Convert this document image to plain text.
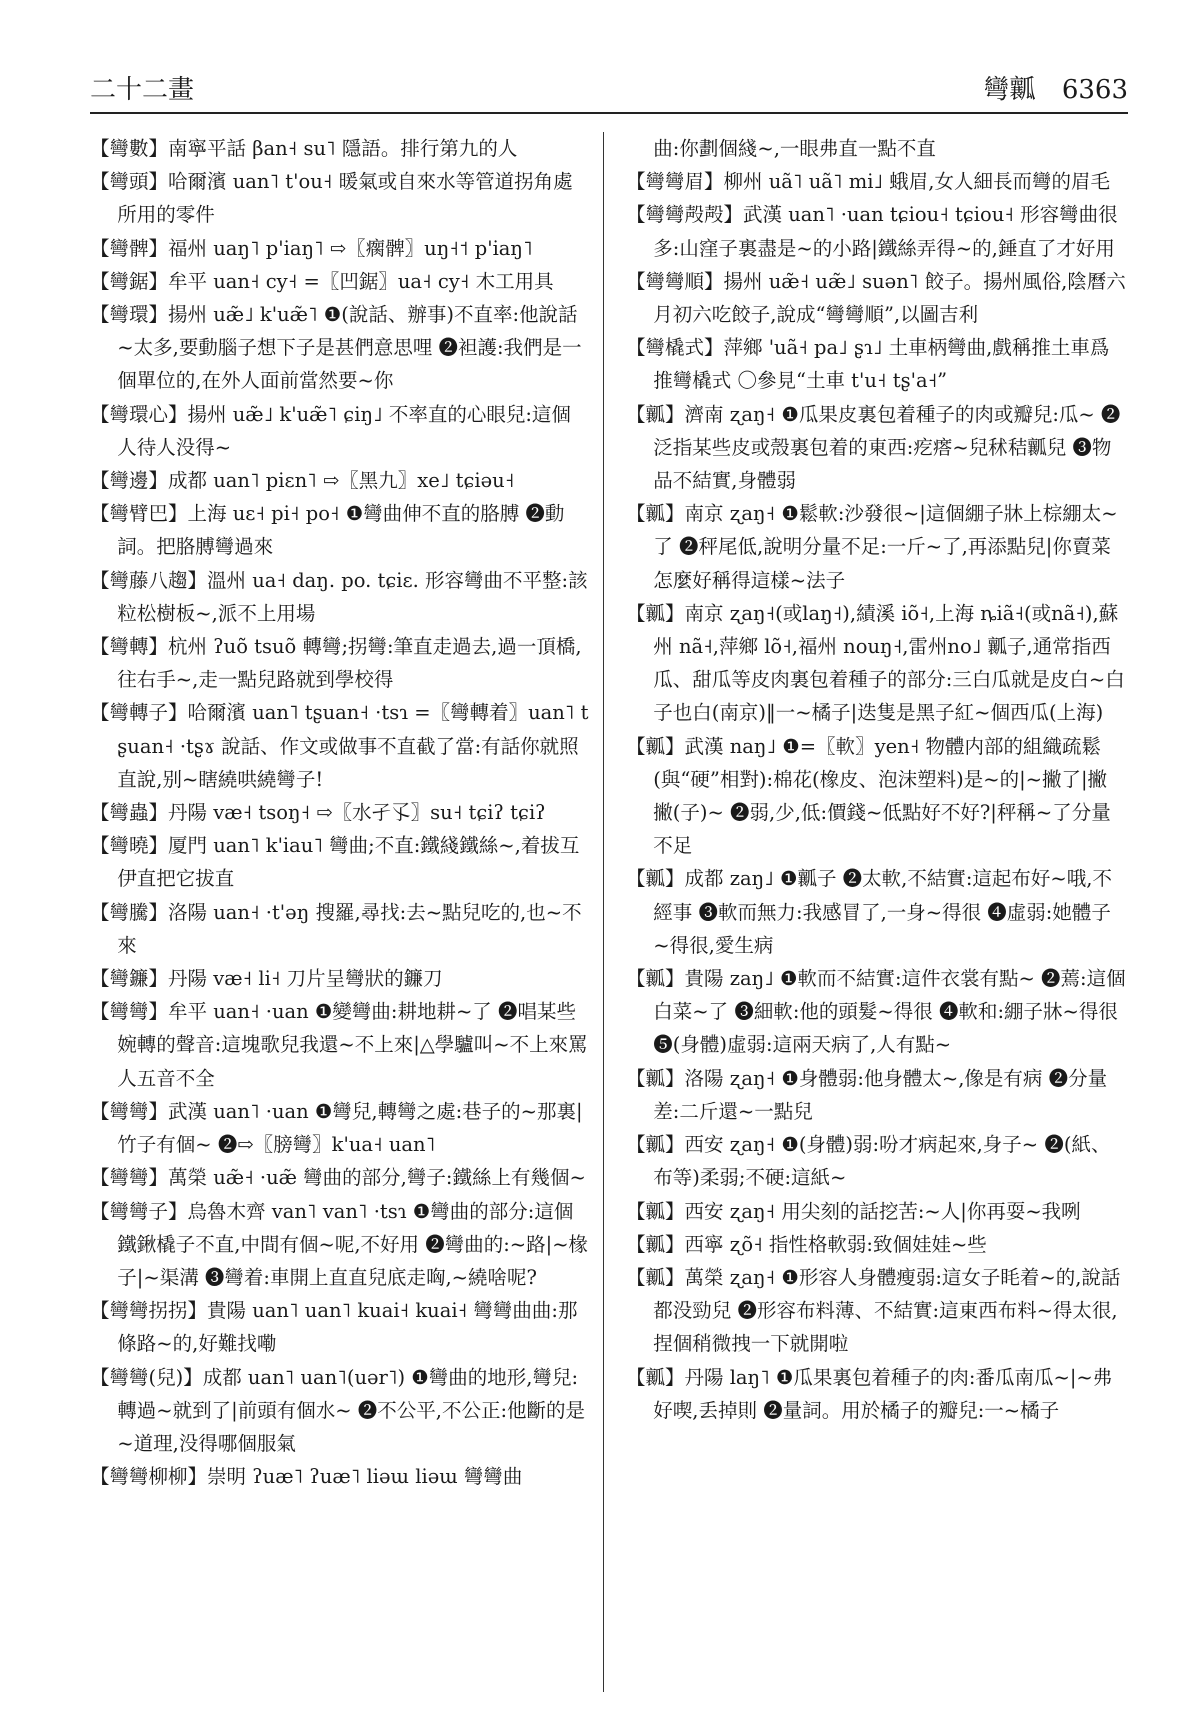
二十二畫	彎瓤 6363

【彎數】南寧平話 βan˧ su˥ 隱語。排行第九的人

【彎頭】哈爾濱 uan˥ t'ou˧ 暖氣或自來水等管道拐角處所用的零件

【彎髀】福州 uaŋ˥ p'iaŋ˥ ⇨〖瘸髀〗uŋ˧˦ p'iaŋ˥

【彎鋸】牟平 uan˧ cy˧ =〖凹鋸〗ua˧ cy˧ 木工用具

【彎環】揚州 uæ̃˩ k'uæ̃˥ ❶(說話、辦事)不直率:他說話~太多,要動腦子想下子是甚們意思哩 ❷袒護:我們是一個單位的,在外人面前當然要~你

【彎環心】揚州 uæ̃˩ k'uæ̃˥ ɕiŋ˩ 不率直的心眼兒:這個人待人没得~

【彎邊】成都 uan˥ piɛn˥ ⇨〖黑九〗xe˩ tɕiəu˧

【彎臂巴】上海 uɛ˧ pi˧ po˧ ❶彎曲伸不直的胳膊 ❷動詞。把胳膊彎過來

【彎藤八趨】溫州 ua˧ daŋ. po. tɕiɛ. 形容彎曲不平整:該粒松樹板~,派不上用場

【彎轉】杭州 ʔuõ tsuõ 轉彎;拐彎:筆直走過去,過一頂橋,往右手~,走一點兒路就到學校得

【彎轉子】哈爾濱 uan˥ tʂuan˧ ·tsɿ =〖彎轉着〗uan˥ tʂuan˧ ·tʂɤ 說話、作文或做事不直截了當:有話你就照直說,别~瞎繞哄繞彎子!

【彎蟲】丹陽 væ˧ tsoŋ˧ ⇨〖水孑孓〗su˧ tɕiʔ tɕiʔ

【彎曉】厦門 uan˥ k'iau˥ 彎曲;不直:鐵綫鐵絲~,着拔互伊直把它拔直

【彎騰】洛陽 uan˧ ·t'əŋ 搜羅,尋找:去~點兒吃的,也~不來

【彎鐮】丹陽 væ˧ li˧ 刀片呈彎狀的鐮刀

【彎彎】牟平 uan˧ ·uan ❶變彎曲:耕地耕~了 ❷唱某些婉轉的聲音:這塊歌兒我還~不上來|△學驢叫~不上來罵人五音不全

【彎彎】武漢 uan˥ ·uan ❶彎兒,轉彎之處:巷子的~那裏|竹子有個~ ❷⇨〖膀彎〗k'ua˧ uan˥

【彎彎】萬榮 uæ̃˧ ·uæ̃ 彎曲的部分,彎子:鐵絲上有幾個~

【彎彎子】烏魯木齊 van˥ van˥ ·tsɿ ❶彎曲的部分:這個鐵鍬橇子不直,中間有個~呢,不好用 ❷彎曲的:~路|~椽子|~渠溝 ❸彎着:車開上直直兒底走哅,~繞啥呢?

【彎彎拐拐】貴陽 uan˥ uan˥ kuai˧ kuai˧ 彎彎曲曲:那條路~的,好難找嘞

【彎彎(兒)】成都 uan˥ uan˥(uər˥) ❶彎曲的地形,彎兒:轉過~就到了|前頭有個水~ ❷不公平,不公正:他斷的是~道理,没得哪個服氣

【彎彎柳柳】崇明 ʔuæ˥ ʔuæ˥ liəɯ liəɯ 彎彎曲

曲:你劃個綫~,一眼弗直一點不直

【彎彎眉】柳州 uã˥ uã˥ mi˩ 蛾眉,女人細長而彎的眉毛

【彎彎殸殸】武漢 uan˥ ·uan tɕiou˧ tɕiou˧ 形容彎曲很多:山窪子裏盡是~的小路|鐵絲弄得~的,錘直了才好用

【彎彎順】揚州 uæ̃˧ uæ̃˩ suən˥ 餃子。揚州風俗,陰曆六月初六吃餃子,說成“彎彎順”,以圖吉利

【彎橇式】萍鄉 'uã˧ pa˩ ʂɿ˩ 土車柄彎曲,戲稱推土車爲推彎橇式 〇參見“土車 t'u˧ tʂ'a˧”

【瓤】濟南 ʐaŋ˧ ❶瓜果皮裏包着種子的肉或瓣兒:瓜~ ❷泛指某些皮或殼裏包着的東西:疙瘩~兒秫秸瓤兒 ❸物品不結實,身體弱

【瓤】南京 ʐaŋ˧ ❶鬆軟:沙發很~|這個綳子牀上棕綳太~了 ❷秤尾低,說明分量不足:一斤~了,再添點兒|你賣菜怎麼好稱得這樣~法子

【瓤】南京 ʐaŋ˧(或laŋ˧),績溪 iõ˧,上海 ȵiã˧(或nã˧),蘇州 nã˧,萍鄉 lõ˧,福州 nouŋ˧,雷州no˩ 瓤子,通常指西瓜、甜瓜等皮肉裏包着種子的部分:三白瓜就是皮白~白子也白(南京)‖一~橘子|迭隻是黑子紅~個西瓜(上海)

【瓤】武漢 naŋ˩ ❶=〖軟〗yen˧ 物體内部的組織疏鬆(與“硬”相對):棉花(橡皮、泡沫塑料)是~的|~撇了|撇撇(子)~ ❷弱,少,低:價錢~低點好不好?|秤稱~了分量不足

【瓤】成都 zaŋ˩ ❶瓤子 ❷太軟,不結實:這起布好~哦,不經事 ❸軟而無力:我感冒了,一身~得很 ❹虛弱:她體子~得很,愛生病

【瓤】貴陽 zaŋ˩ ❶軟而不結實:這件衣裳有點~ ❷蔫:這個白菜~了 ❸細軟:他的頭髮~得很 ❹軟和:綳子牀~得很 ❺(身體)虛弱:這兩天病了,人有點~

【瓤】洛陽 ʐaŋ˧ ❶身體弱:他身體太~,像是有病 ❷分量差:二斤還~一點兒

【瓤】西安 ʐaŋ˧ ❶(身體)弱:吩才病起來,身子~ ❷(紙、布等)柔弱;不硬:這紙~

【瓤】西安 ʐaŋ˧ 用尖刻的話挖苦:~人|你再耍~我咧

【瓤】西寧 ʐõ˧ 指性格軟弱:致個娃娃~些

【瓤】萬榮 ʐaŋ˧ ❶形容人身體瘦弱:這女子眊着~的,說話都没勁兒 ❷形容布料薄、不結實:這東西布料~得太很,捏個稍微拽一下就開啦

【瓤】丹陽 laŋ˥ ❶瓜果裏包着種子的肉:番瓜南瓜~|~弗好喫,丢掉則 ❷量詞。用於橘子的瓣兒:一~橘子
